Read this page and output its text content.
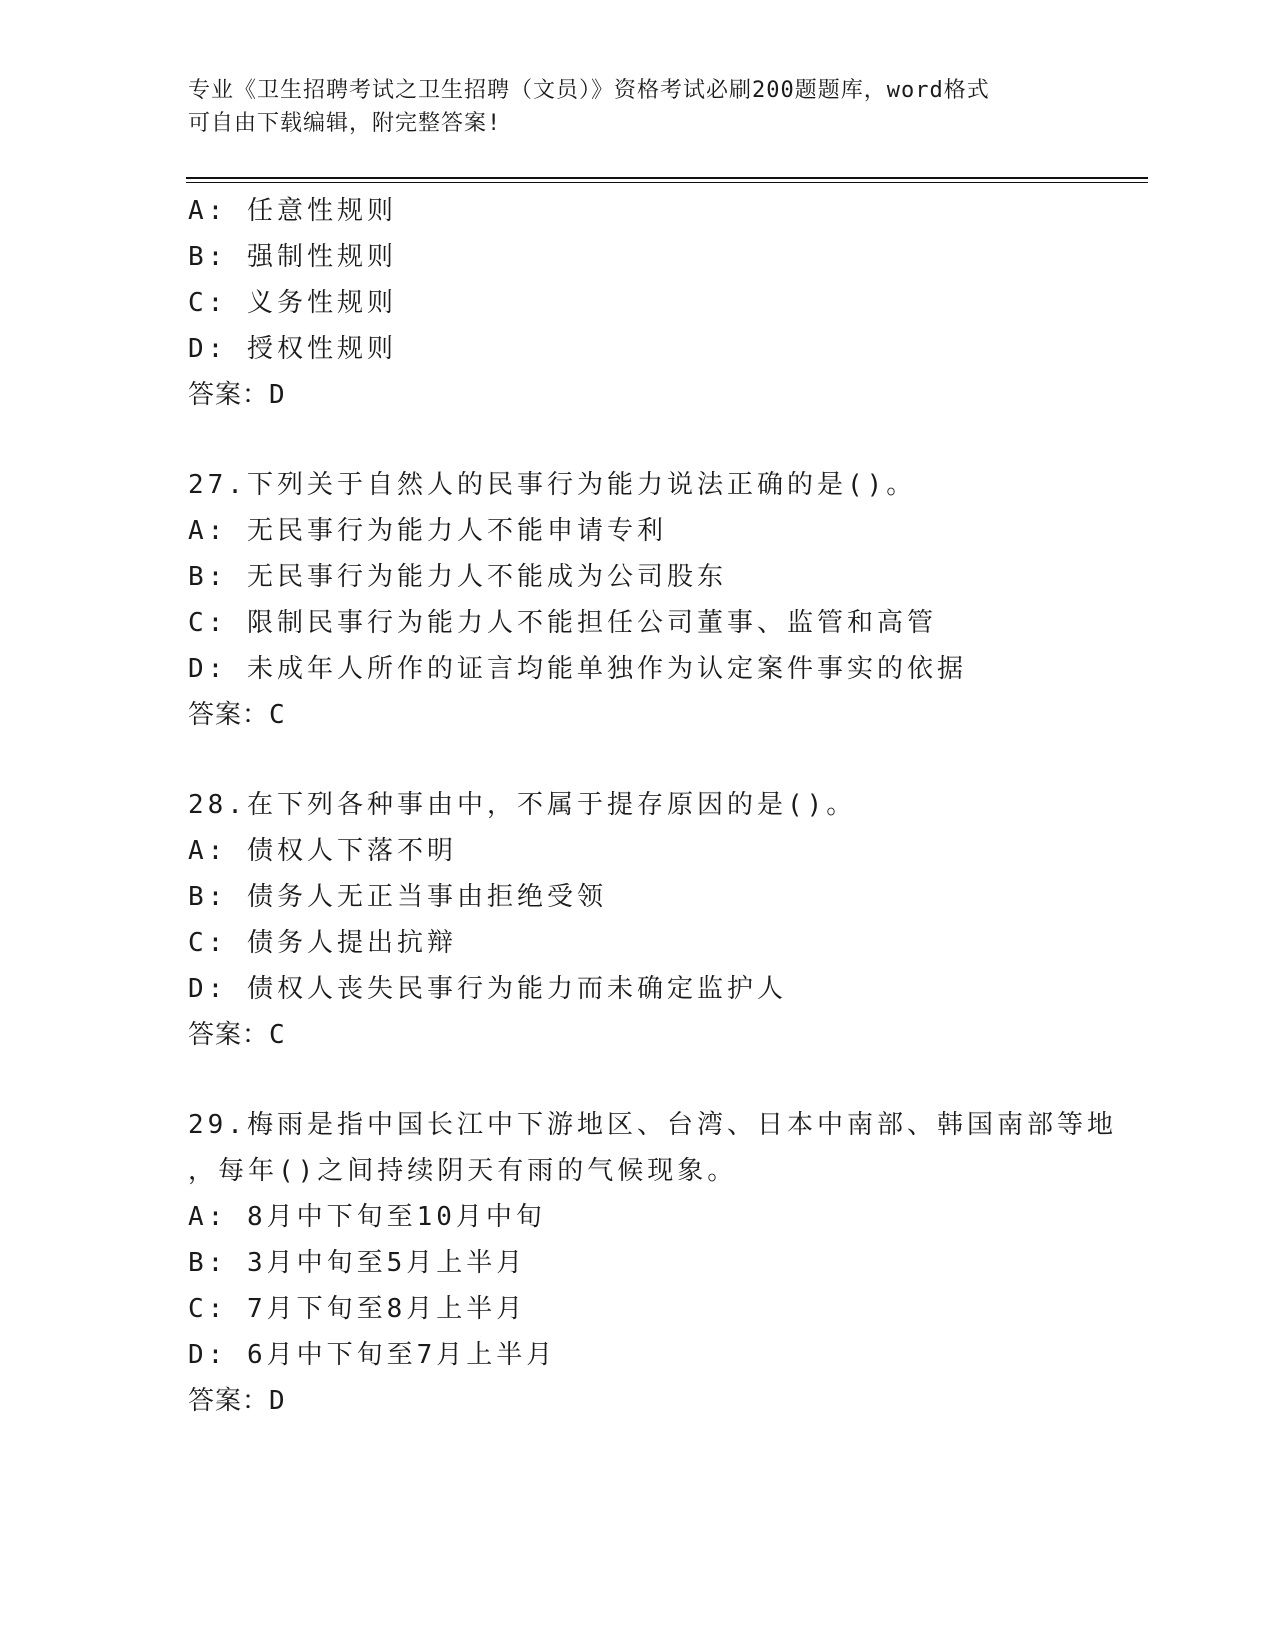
专业《卫生招聘考试之卫生招聘（文员）》资格考试必刷200题题库，word格式
可自由下载编辑，附完整答案!
A: 任意性规则
B: 强制性规则
C: 义务性规则
D: 授权性规则
答案：D
27.下列关于自然人的民事行为能力说法正确的是()。
A: 无民事行为能力人不能申请专利
B: 无民事行为能力人不能成为公司股东
C: 限制民事行为能力人不能担任公司董事、监管和高管
D: 未成年人所作的证言均能单独作为认定案件事实的依据
答案：C
28.在下列各种事由中，不属于提存原因的是()。
A: 债权人下落不明
B: 债务人无正当事由拒绝受领
C: 债务人提出抗辩
D: 债权人丧失民事行为能力而未确定监护人
答案：C
29.梅雨是指中国长江中下游地区、台湾、日本中南部、韩国南部等地
，每年()之间持续阴天有雨的气候现象。
A: 8月中下旬至10月中旬
B: 3月中旬至5月上半月
C: 7月下旬至8月上半月
D: 6月中下旬至7月上半月
答案：D
